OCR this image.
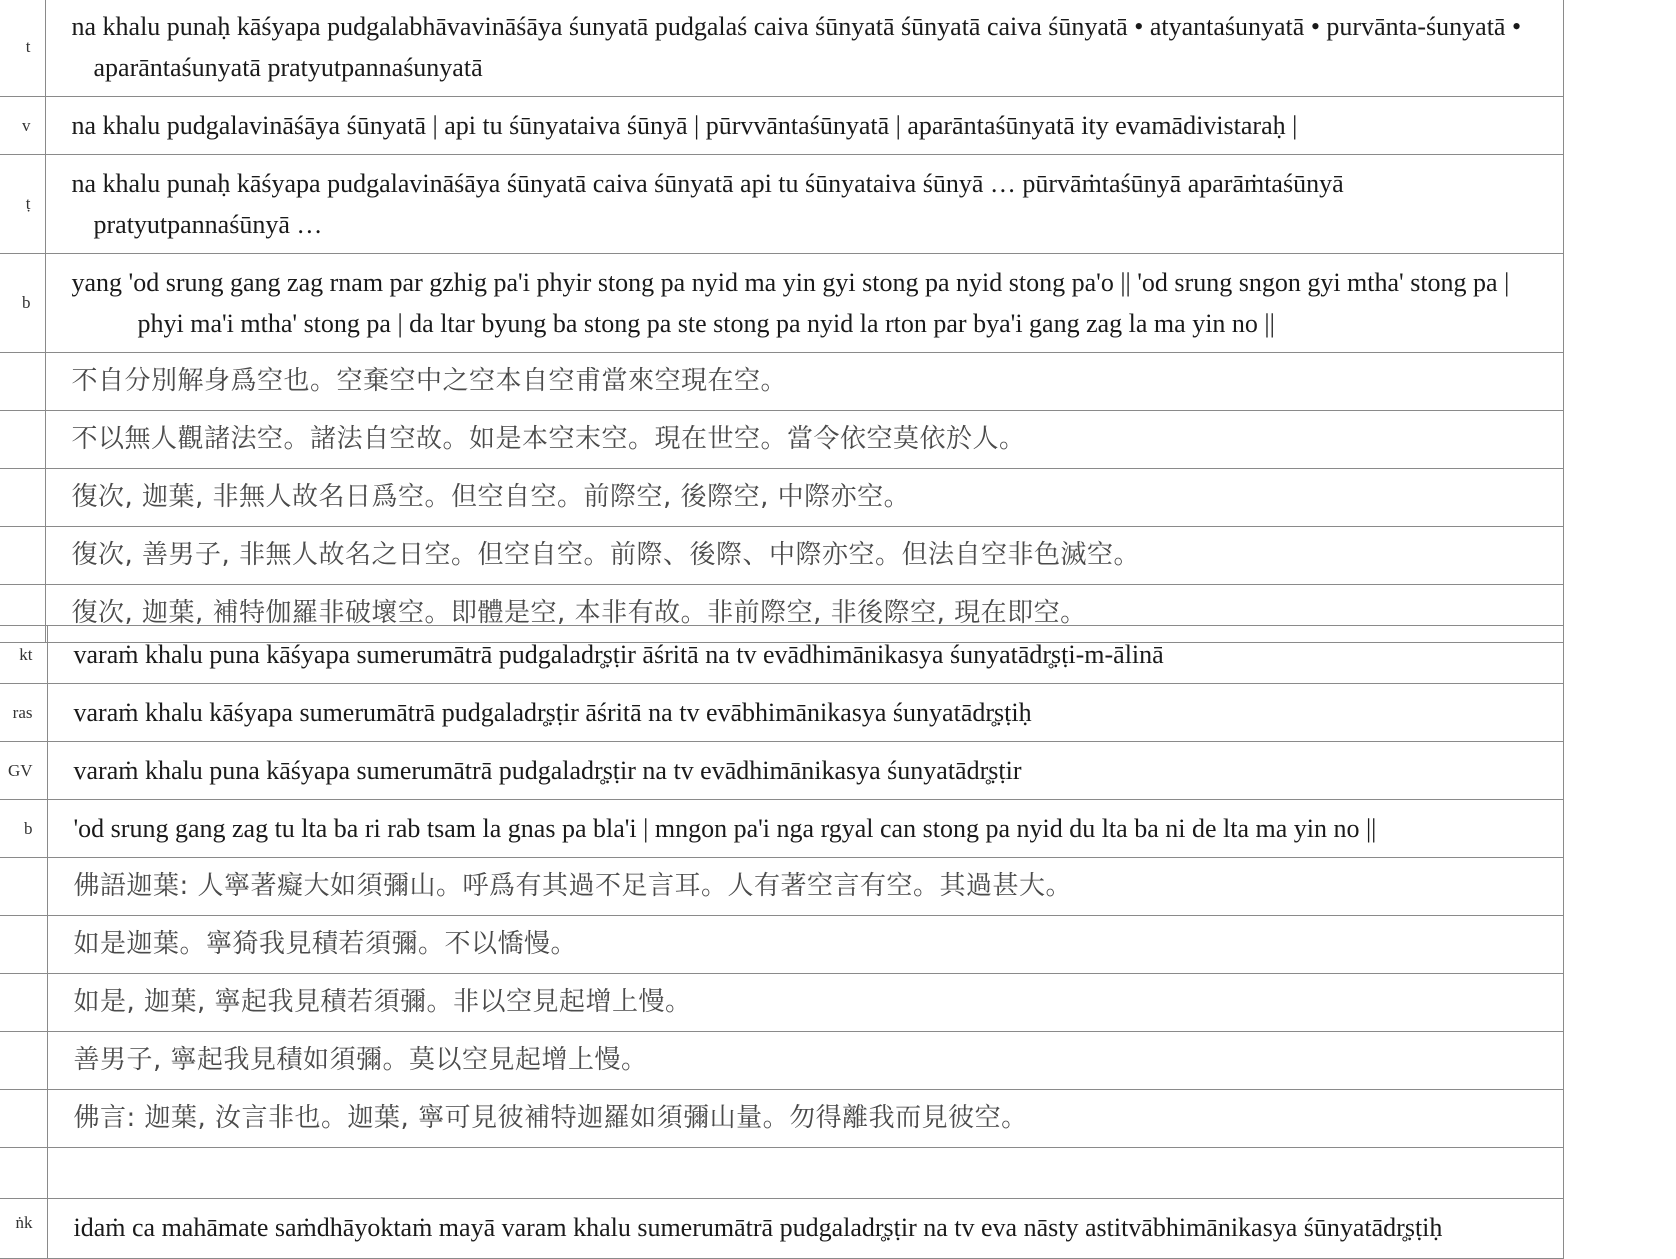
t	na khalu punaḥ kāśyapa pudgalabhāvavināśāya śunyatā pudgalaś caiva śūnyatā śūnyatā caiva śūnyatā • atyantaśunyatā • purvānta-śunyatā • aparāntaśunyatā pratyutpannaśunyatā

v	na khalu pudgalavināśāya śūnyatā | api tu śūnyataiva śūnyā | pūrvvāntaśūnyatā | aparāntaśūnyatā ity evamādivistaraḥ |

ṭ	na khalu punaḥ kāśyapa pudgalavināśāya śūnyatā caiva śūnyatā api tu śūnyataiva śūnyā … pūrvāṁtaśūnyā aparāṁtaśūnyā pratyutpannaśūnyā …

b	yang 'od srung gang zag rnam par gzhig pa'i phyir stong pa nyid ma yin gyi stong pa nyid stong pa'o || 'od srung sngon gyi mtha' stong pa | phyi ma'i mtha' stong pa | da ltar byung ba stong pa ste stong pa nyid la rton par bya'i gang zag la ma yin no ||

	不自分別解身爲空也。空棄空中之空本自空甫當來空現在空。
	不以無人觀諸法空。諸法自空故。如是本空末空。現在世空。當令依空莫依於人。
	復次, 迦葉, 非無人故名日爲空。但空自空。前際空, 後際空, 中際亦空。
	復次, 善男子, 非無人故名之日空。但空自空。前際、後際、中際亦空。但法自空非色滅空。
	復次, 迦葉, 補特伽羅非破壞空。即體是空, 本非有故。非前際空, 非後際空, 現在即空。
kt	varaṁ khalu puna kāśyapa sumerumātrā pudgaladr̥ṣṭir āśritā na tv evādhimānikasya śunyatādr̥ṣṭi-m-ālinā
ras	varaṁ khalu kāśyapa sumerumātrā pudgaladr̥ṣṭir āśritā na tv evābhimānikasya śunyatādr̥ṣṭiḥ
GV	varaṁ khalu puna kāśyapa sumerumātrā pudgaladr̥ṣṭir na tv evādhimānikasya śunyatādr̥ṣṭir
b	'od srung gang zag tu lta ba ri rab tsam la gnas pa bla'i | mngon pa'i nga rgyal can stong pa nyid du lta ba ni de lta ma yin no ||
	佛語迦葉: 人寧著癡大如須彌山。呼爲有其過不足言耳。人有著空言有空。其過甚大。
	如是迦葉。寧猗我見積若須彌。不以憍慢。
	如是, 迦葉, 寧起我見積若須彌。非以空見起增上慢。
	善男子, 寧起我見積如須彌。莫以空見起增上慢。
	佛言: 迦葉, 汝言非也。迦葉, 寧可見彼補特迦羅如須彌山量。勿得離我而見彼空。

ṅk	idaṁ ca mahāmate saṁdhāyoktaṁ mayā varam khalu sumerumātrā pudgaladr̥ṣṭir na tv eva nāsty astitvābhimānikasya śūnyatādr̥ṣṭiḥ
